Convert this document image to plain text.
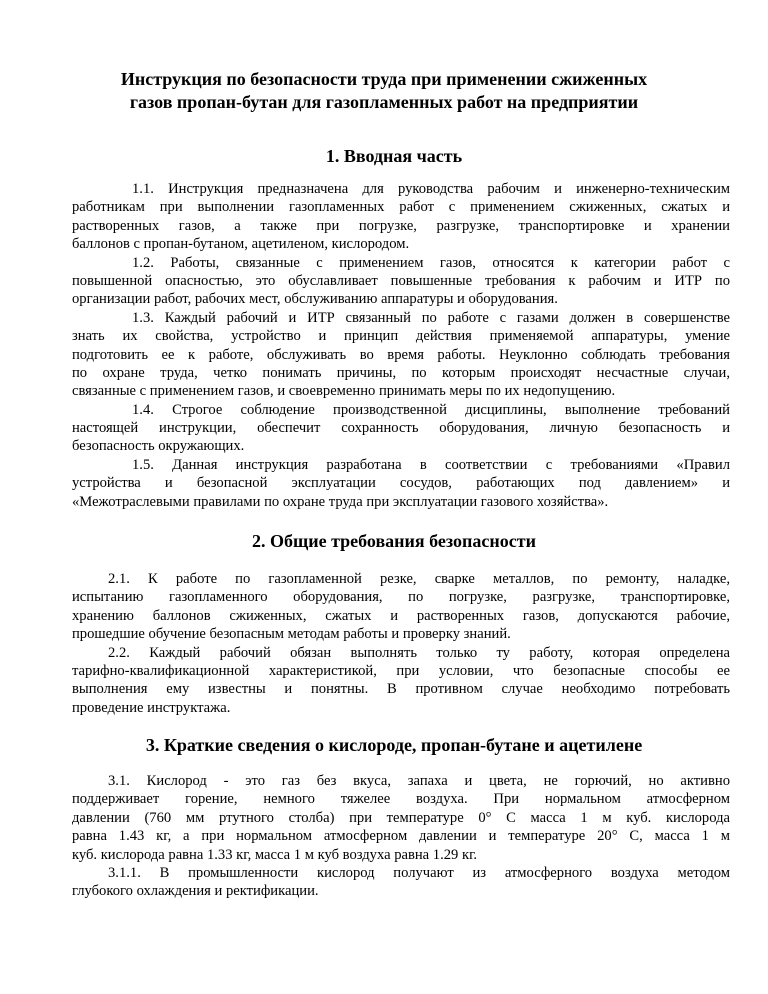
Инструкция по безопасности труда при применении сжиженных
газов пропан-бутан для газопламенных работ на предприятии
1. Вводная часть
1.1. Инструкция предназначена для руководства рабочим и инженерно-техническим
работникам при выполнении газопламенных работ с применением сжиженных, сжатых и
растворенных газов, а также при погрузке, разгрузке, транспортировке и хранении
баллонов с пропан-бутаном, ацетиленом, кислородом.
1.2. Работы, связанные с применением газов, относятся к категории работ с
повышенной опасностью, это обуславливает повышенные требования к рабочим и ИТР по
организации работ, рабочих мест, обслуживанию аппаратуры и оборудования.
1.3. Каждый рабочий и ИТР связанный по работе с газами должен в совершенстве
знать их свойства, устройство и принцип действия применяемой аппаратуры, умение
подготовить ее к работе, обслуживать во время работы. Неуклонно соблюдать требования
по охране труда, четко понимать причины, по которым происходят несчастные случаи,
связанные с применением газов, и своевременно принимать меры по их недопущению.
1.4. Строгое соблюдение производственной дисциплины, выполнение требований
настоящей инструкции, обеспечит сохранность оборудования, личную безопасность и
безопасность окружающих.
1.5. Данная инструкция разработана в соответствии с требованиями «Правил
устройства и безопасной эксплуатации сосудов, работающих под давлением» и
«Межотраслевыми правилами по охране труда при эксплуатации газового хозяйства».
2. Общие требования безопасности
2.1. К работе по газопламенной резке, сварке металлов, по ремонту, наладке,
испытанию газопламенного оборудования, по погрузке, разгрузке, транспортировке,
хранению баллонов сжиженных, сжатых и растворенных газов, допускаются рабочие,
прошедшие обучение безопасным методам работы и проверку знаний.
2.2. Каждый рабочий обязан выполнять только ту работу, которая определена
тарифно-квалификационной характеристикой, при условии, что безопасные способы ее
выполнения ему известны и понятны. В противном случае необходимо потребовать
проведение инструктажа.
3. Краткие сведения о кислороде, пропан-бутане и ацетилене
3.1. Кислород - это газ без вкуса, запаха и цвета, не горючий, но активно
поддерживает горение, немного тяжелее воздуха. При нормальном атмосферном
давлении (760 мм ртутного столба) при температуре 0° С масса 1 м куб. кислорода
равна 1.43 кг, а при нормальном атмосферном давлении и температуре 20° С, масса 1 м
куб. кислорода равна 1.33 кг, масса 1 м куб воздуха равна 1.29 кг.
3.1.1. В промышленности кислород получают из атмосферного воздуха методом
глубокого охлаждения и ректификации.
